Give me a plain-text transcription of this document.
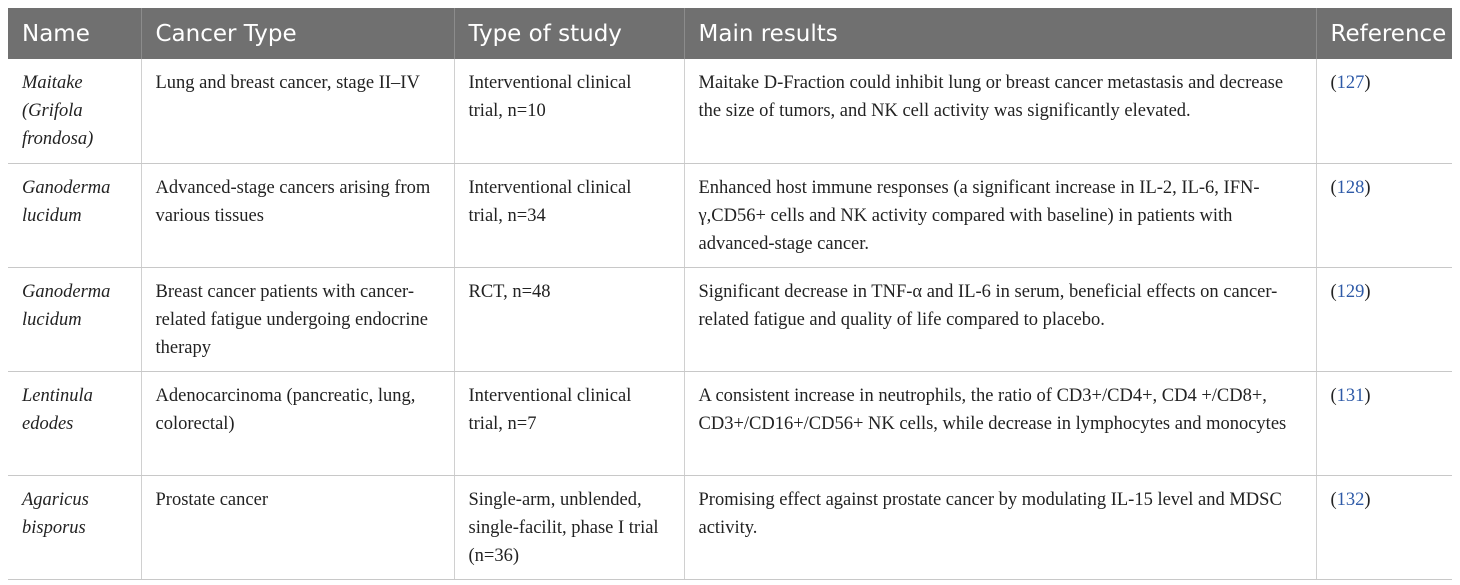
Name	Cancer Type	Type of study	Main results	Reference
Maitake (Grifola frondosa)	Lung and breast cancer, stage II–IV	Interventional clinical trial, n=10	Maitake D-Fraction could inhibit lung or breast cancer metastasis and decrease the size of tumors, and NK cell activity was significantly elevated.	(127)
Ganoderma lucidum	Advanced-stage cancers arising from various tissues	Interventional clinical trial, n=34	Enhanced host immune responses (a significant increase in IL-2, IL-6, IFN-γ,CD56+ cells and NK activity compared with baseline) in patients with advanced-stage cancer.	(128)
Ganoderma lucidum	Breast cancer patients with cancer-related fatigue undergoing endocrine therapy	RCT, n=48	Significant decrease in TNF-α and IL-6 in serum, beneficial effects on cancer-related fatigue and quality of life compared to placebo.	(129)
Lentinula edodes	Adenocarcinoma (pancreatic, lung, colorectal)	Interventional clinical trial, n=7	A consistent increase in neutrophils, the ratio of CD3+/CD4+, CD4 +/CD8+, CD3+/CD16+/CD56+ NK cells, while decrease in lymphocytes and monocytes	(131)
Agaricus bisporus	Prostate cancer	Single-arm, unblended, single-facilit, phase I trial (n=36)	Promising effect against prostate cancer by modulating IL-15 level and MDSC activity.	(132)
